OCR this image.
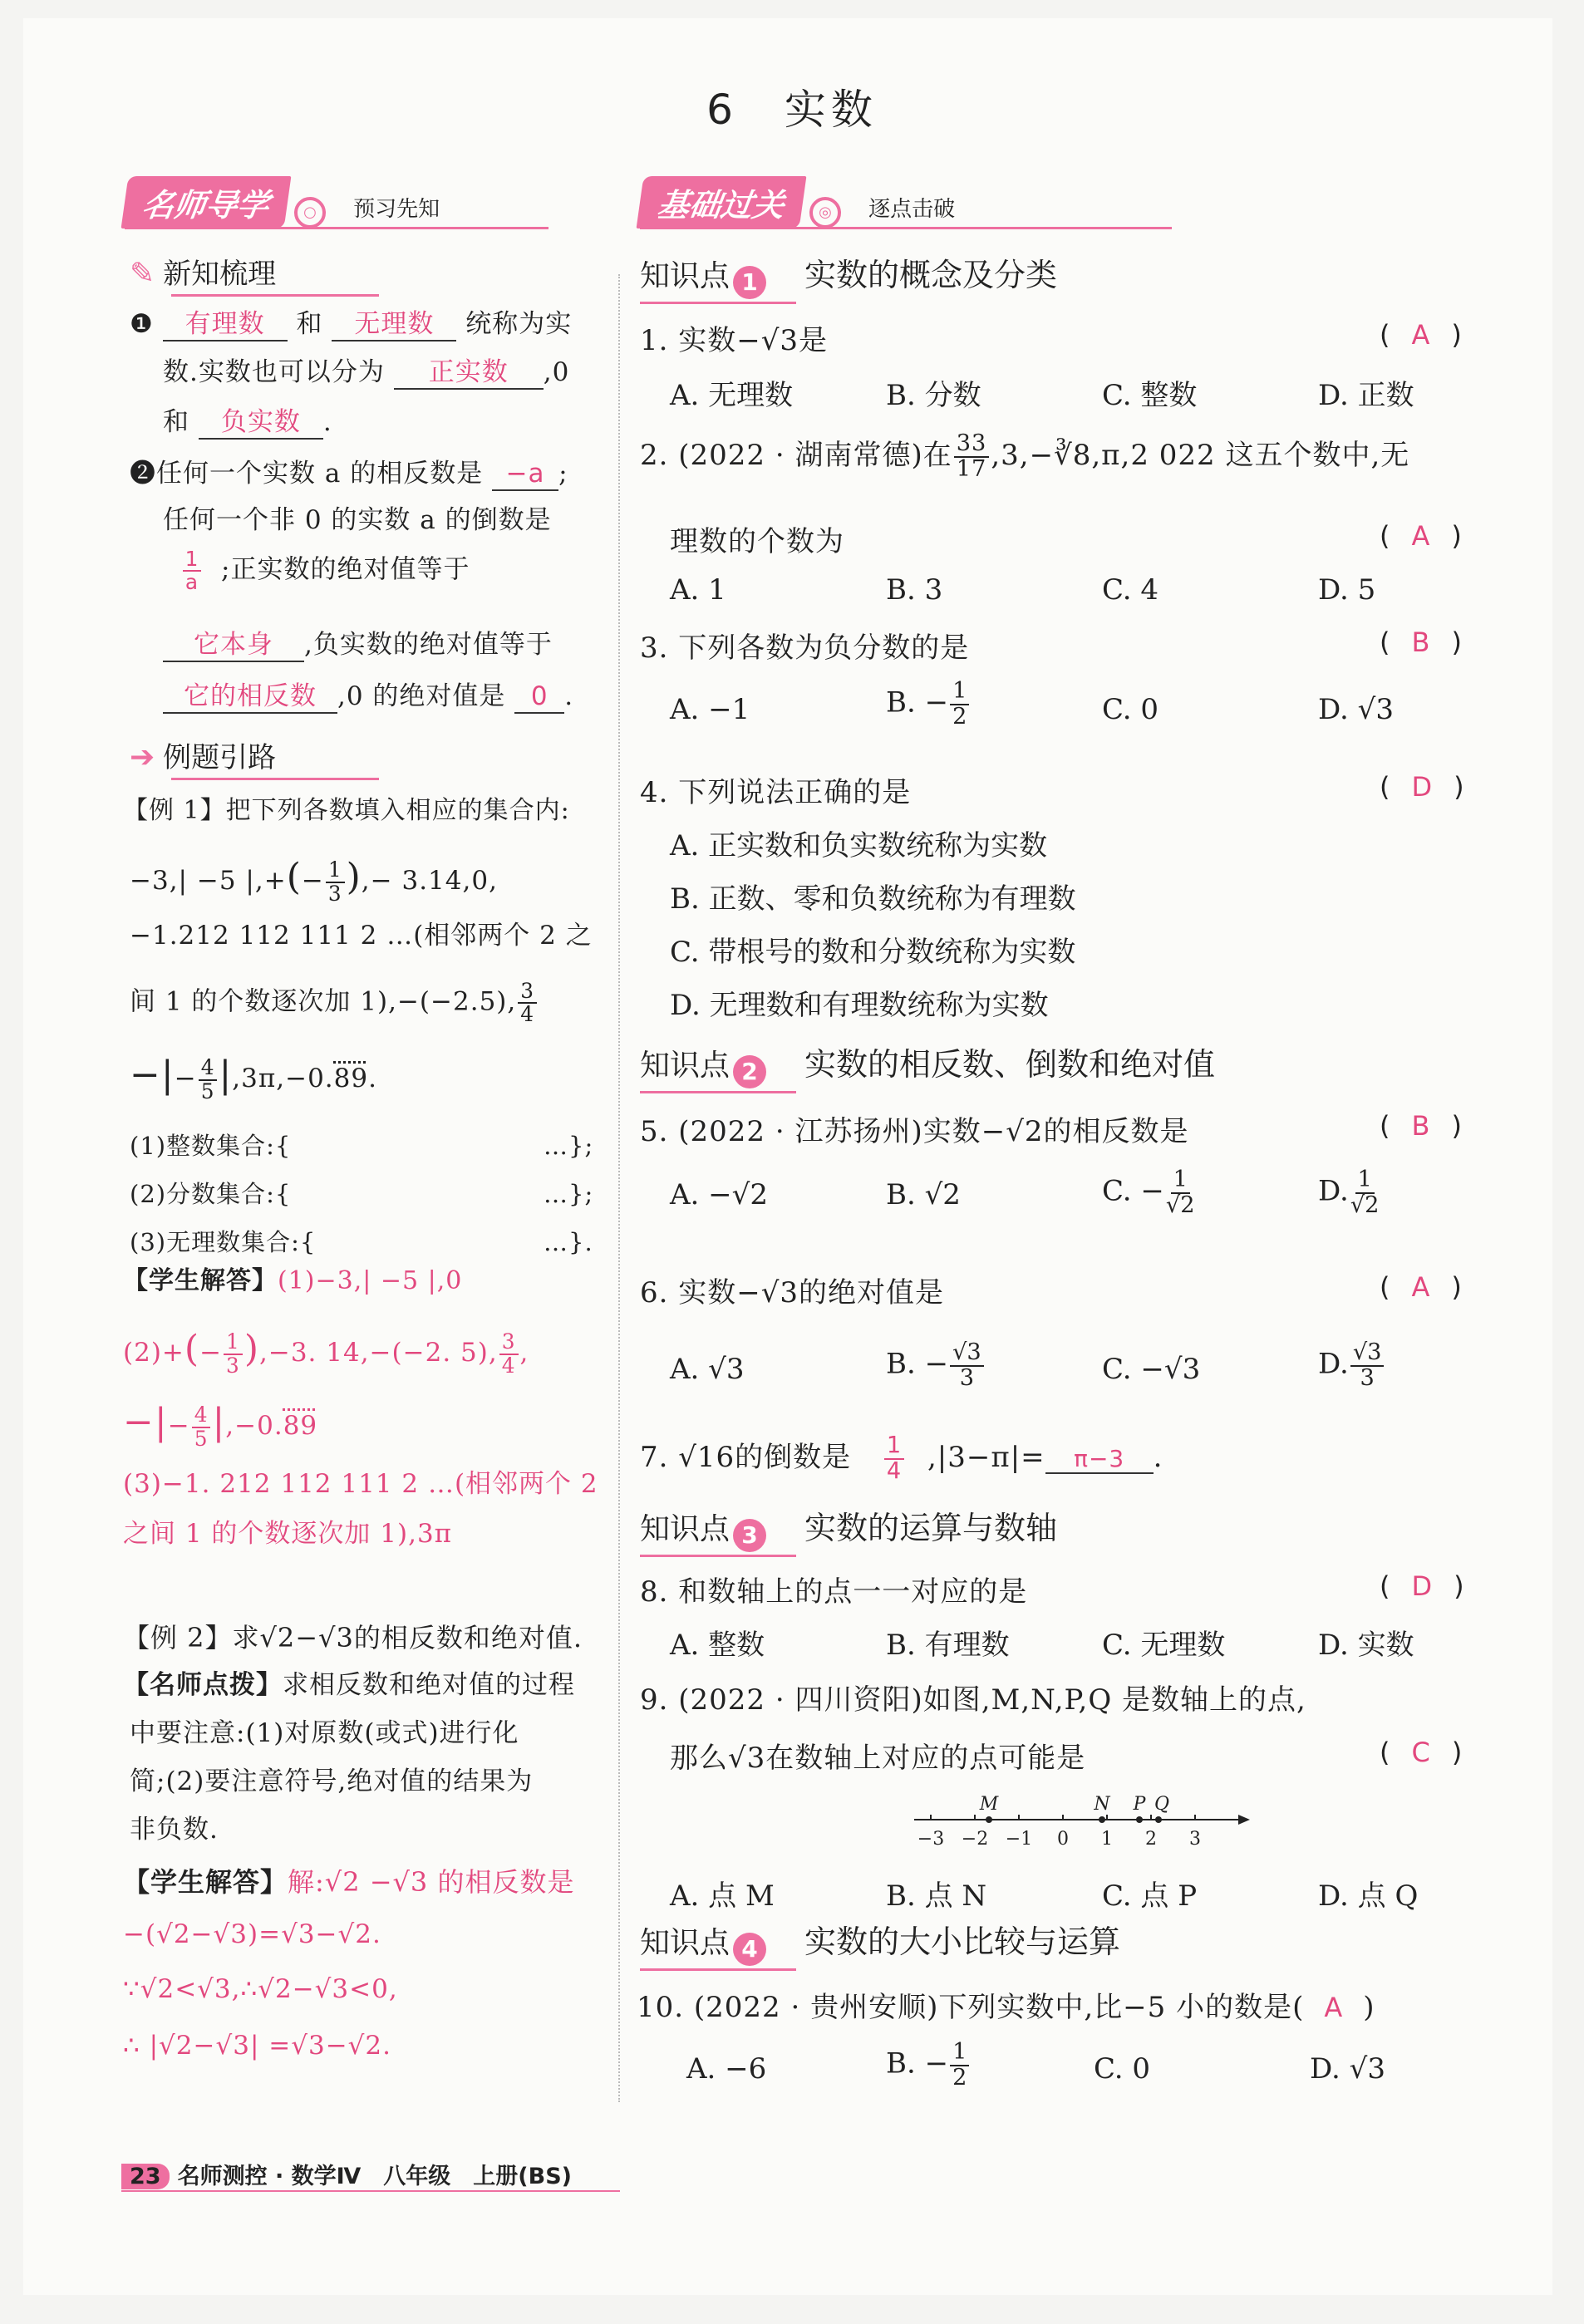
6　实数
名师导学 ○ 预习先知
✎ 新知梳理
❶ 有理数 和 无理数 统称为实
数.实数也可以分为 正实数 ,0
和 负实数 .
❷任何一个实数 a 的相反数是 −a ;
任何一个非 0 的实数 a 的倒数是
$\frac{1}{a}$ ;正实数的绝对值等于
它本身 ,负实数的绝对值等于
它的相反数 ,0 的绝对值是 0 .
➔ 例题引路
【例 1】把下列各数填入相应的集合内:
−3,| −5 |,+(− $\frac{1}{3}$ ),− 3.14,0,
−1.212 112 111 2 …(相邻两个 2 之
间 1 的个数逐次加 1),−(−2.5), $\frac{3}{4}$
−|− $\frac{4}{5} |,3\pi,-0.89$.
(1)整数集合:{	…};
(2)分数集合:{	…};
(3)无理数集合:{	…}.
【学生解答】(1)−3,| −5 |,0
$(2)+(- \frac{1}{3} ),-3$. 14,−(−2. 5), $\frac{3}{4}$ ,
−|− $\frac{4}{5} |,-0.89$
(3)−1. 212 112 111 2 …(相邻两个 2
之间 1 的个数逐次加 1),3π
【例 2】求√2−√3的相反数和绝对值.
【名师点拨】求相反数和绝对值的过程
中要注意:(1)对原数(或式)进行化
简;(2)要注意符号,绝对值的结果为
非负数.
【学生解答】解:√2 −√3 的相反数是
−(√2−√3)=√3−√2.
∵√2<√3,∴√2−√3<0,
∴ |√2−√3| =√3−√2.
基础过关 ◎ 逐点击破
知识点 1 实数的概念及分类
1. 实数−√3是	( A )
A. 无理数	B. 分数	C. 整数	D. 正数
2. (2022 · 湖南常德)在 $\frac{33}{17}$ ,3,−∛8,π,2 022 这五个数中,无
理数的个数为	( A )
A. 1	B. 3	C. 4	D. 5
3. 下列各数为负分数的是	( B )
A. −1	B. − $\frac{1}{2}$	C. 0	D. √3
4. 下列说法正确的是	( D )
A. 正实数和负实数统称为实数
B. 正数、零和负数统称为有理数
C. 带根号的数和分数统称为实数
D. 无理数和有理数统称为实数
知识点 2 实数的相反数、倒数和绝对值
5. (2022 · 江苏扬州)实数−√2的相反数是	( B )
A. −√2	B. √2	C. − $\frac{1}{√2}$	D. $\frac{1}{√2}$
6. 实数−√3的绝对值是	( A )
A. √3	B. − $\frac{√3}{3}$	C. −√3	D. $\frac{√3}{3}$
7. √16的倒数是 $\frac{1}{4} ,|3-\pi|= \pi-3$ .
知识点 3 实数的运算与数轴
8. 和数轴上的点一一对应的是	( D )
A. 整数	B. 有理数	C. 无理数	D. 实数
9. (2022 · 四川资阳)如图,M,N,P,Q 是数轴上的点,
那么√3在数轴上对应的点可能是	( C )
−3 −2 −1 0 1 2 3
M	N P Q
A. 点 M	B. 点 N	C. 点 P	D. 点 Q
知识点 4 实数的大小比较与运算
10. (2022 · 贵州安顺)下列实数中,比−5 小的数是( A )
A. −6	B. − $\frac{1}{2}$	C. 0	D. √3
23 名师测控 · 数学Ⅳ　八年级　上册(BS)
